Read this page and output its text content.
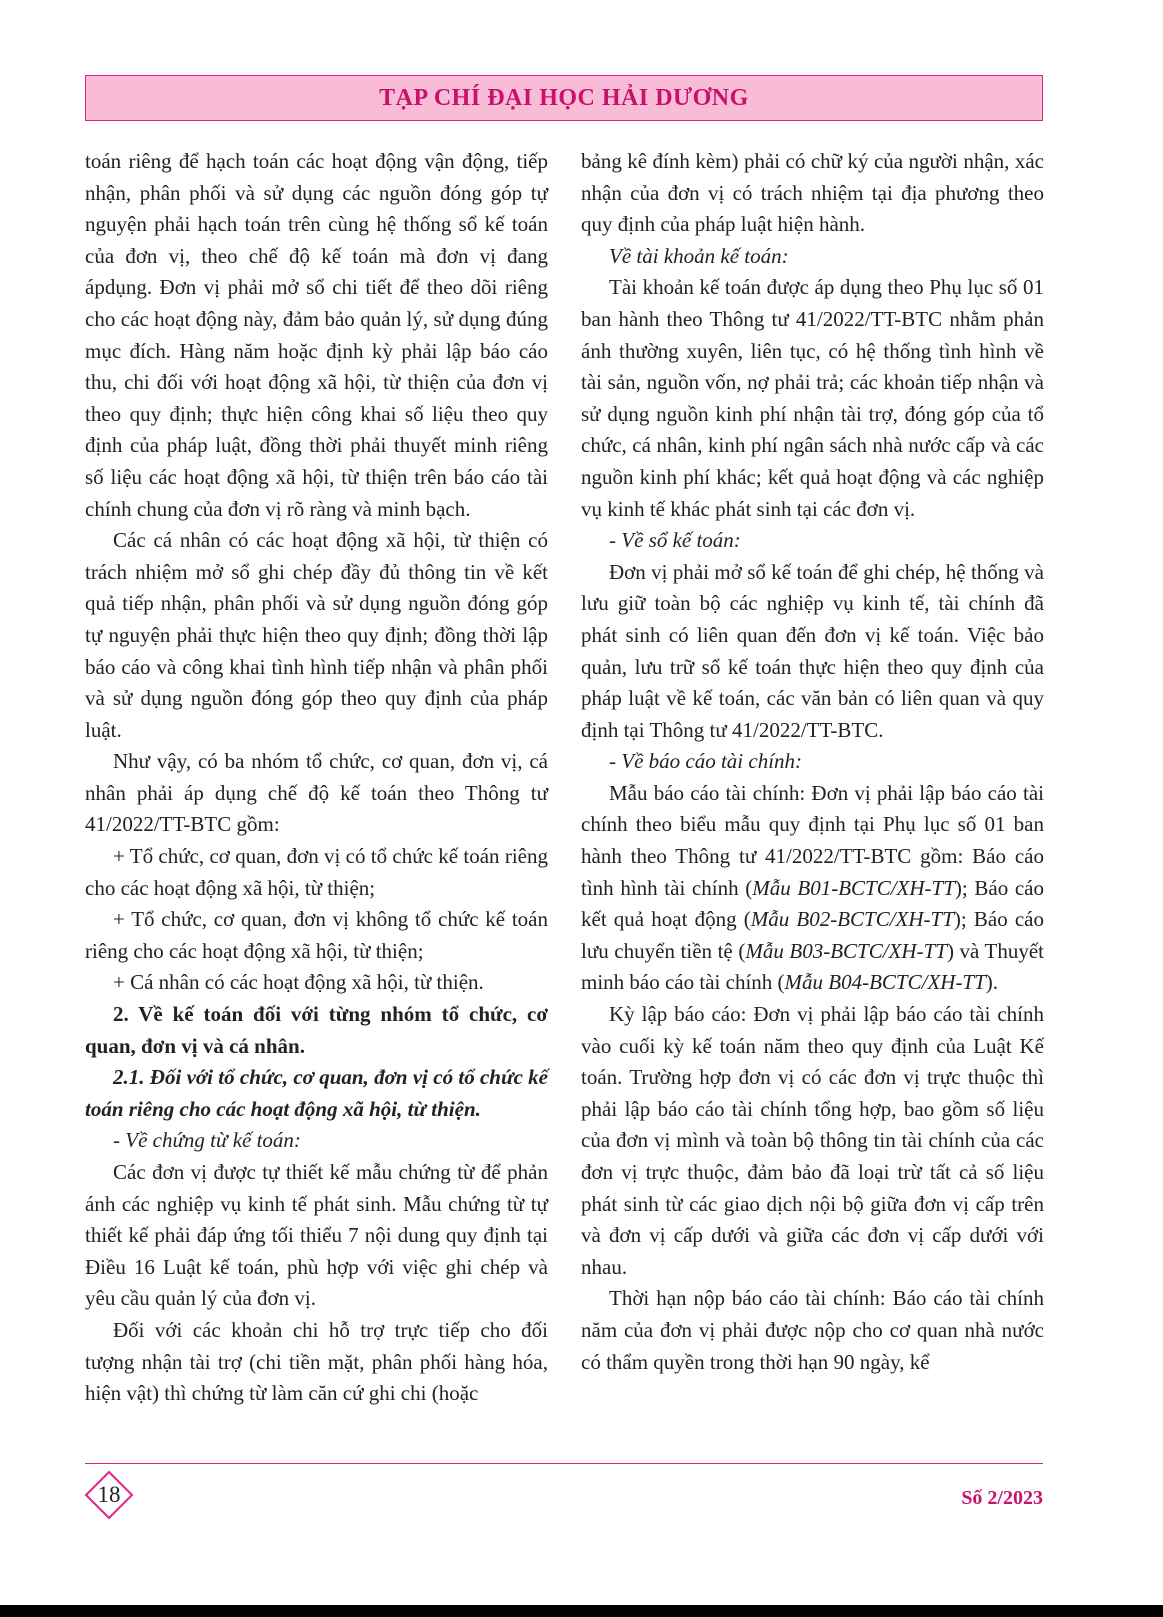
TẠP CHÍ ĐẠI HỌC HẢI DƯƠNG

toán riêng để hạch toán các hoạt động vận động, tiếp nhận, phân phối và sử dụng các nguồn đóng góp tự nguyện phải hạch toán trên cùng hệ thống sổ kế toán của đơn vị, theo chế độ kế toán mà đơn vị đang ápdụng. Đơn vị phải mở sổ chi tiết để theo dõi riêng cho các hoạt động này, đảm bảo quản lý, sử dụng đúng mục đích. Hàng năm hoặc định kỳ phải lập báo cáo thu, chi đối với hoạt động xã hội, từ thiện của đơn vị theo quy định; thực hiện công khai số liệu theo quy định của pháp luật, đồng thời phải thuyết minh riêng số liệu các hoạt động xã hội, từ thiện trên báo cáo tài chính chung của đơn vị rõ ràng và minh bạch.

Các cá nhân có các hoạt động xã hội, từ thiện có trách nhiệm mở sổ ghi chép đầy đủ thông tin về kết quả tiếp nhận, phân phối và sử dụng nguồn đóng góp tự nguyện phải thực hiện theo quy định; đồng thời lập báo cáo và công khai tình hình tiếp nhận và phân phối và sử dụng nguồn đóng góp theo quy định của pháp luật.

Như vậy, có ba nhóm tổ chức, cơ quan, đơn vị, cá nhân phải áp dụng chế độ kế toán theo Thông tư 41/2022/TT-BTC gồm:

+ Tổ chức, cơ quan, đơn vị có tổ chức kế toán riêng cho các hoạt động xã hội, từ thiện;

+ Tổ chức, cơ quan, đơn vị không tổ chức kế toán riêng cho các hoạt động xã hội, từ thiện;

+ Cá nhân có các hoạt động xã hội, từ thiện.

2. Về kế toán đối với từng nhóm tổ chức, cơ quan, đơn vị và cá nhân.

2.1. Đối với tổ chức, cơ quan, đơn vị có tổ chức kế toán riêng cho các hoạt động xã hội, từ thiện.

- Về chứng từ kế toán:

Các đơn vị được tự thiết kế mẫu chứng từ để phản ánh các nghiệp vụ kinh tế phát sinh. Mẫu chứng từ tự thiết kế phải đáp ứng tối thiểu 7 nội dung quy định tại Điều 16 Luật kế toán, phù hợp với việc ghi chép và yêu cầu quản lý của đơn vị.

Đối với các khoản chi hỗ trợ trực tiếp cho đối tượng nhận tài trợ (chi tiền mặt, phân phối hàng hóa, hiện vật) thì chứng từ làm căn cứ ghi chi (hoặc

bảng kê đính kèm) phải có chữ ký của người nhận, xác nhận của đơn vị có trách nhiệm tại địa phương theo quy định của pháp luật hiện hành.

Về tài khoản kế toán:

Tài khoản kế toán được áp dụng theo Phụ lục số 01 ban hành theo Thông tư 41/2022/TT-BTC nhằm phản ánh thường xuyên, liên tục, có hệ thống tình hình về tài sản, nguồn vốn, nợ phải trả; các khoản tiếp nhận và sử dụng nguồn kinh phí nhận tài trợ, đóng góp của tổ chức, cá nhân, kinh phí ngân sách nhà nước cấp và các nguồn kinh phí khác; kết quả hoạt động và các nghiệp vụ kinh tế khác phát sinh tại các đơn vị.

- Về sổ kế toán:

Đơn vị phải mở sổ kế toán để ghi chép, hệ thống và lưu giữ toàn bộ các nghiệp vụ kinh tế, tài chính đã phát sinh có liên quan đến đơn vị kế toán. Việc bảo quản, lưu trữ sổ kế toán thực hiện theo quy định của pháp luật về kế toán, các văn bản có liên quan và quy định tại Thông tư 41/2022/TT-BTC.

- Về báo cáo tài chính:

Mẫu báo cáo tài chính: Đơn vị phải lập báo cáo tài chính theo biểu mẫu quy định tại Phụ lục số 01 ban hành theo Thông tư 41/2022/TT-BTC gồm: Báo cáo tình hình tài chính (Mẫu B01-BCTC/XH-TT); Báo cáo kết quả hoạt động (Mẫu B02-BCTC/XH-TT); Báo cáo lưu chuyển tiền tệ (Mẫu B03-BCTC/XH-TT) và Thuyết minh báo cáo tài chính (Mẫu B04-BCTC/XH-TT).

Kỳ lập báo cáo: Đơn vị phải lập báo cáo tài chính vào cuối kỳ kế toán năm theo quy định của Luật Kế toán. Trường hợp đơn vị có các đơn vị trực thuộc thì phải lập báo cáo tài chính tổng hợp, bao gồm số liệu của đơn vị mình và toàn bộ thông tin tài chính của các đơn vị trực thuộc, đảm bảo đã loại trừ tất cả số liệu phát sinh từ các giao dịch nội bộ giữa đơn vị cấp trên và đơn vị cấp dưới và giữa các đơn vị cấp dưới với nhau.

Thời hạn nộp báo cáo tài chính: Báo cáo tài chính năm của đơn vị phải được nộp cho cơ quan nhà nước có thẩm quyền trong thời hạn 90 ngày, kể

18	Số 2/2023
